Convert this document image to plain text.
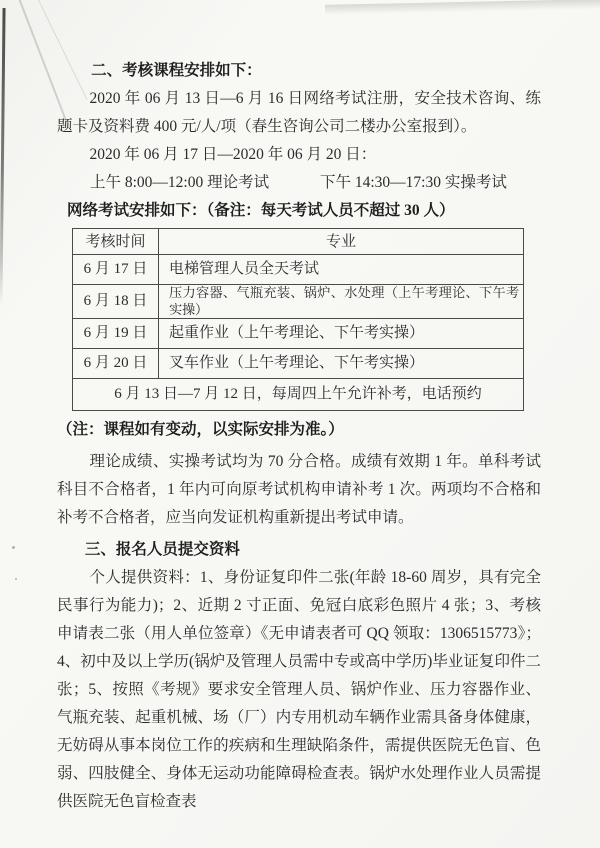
二、考核课程安排如下：

2020 年 06 月 13 日—6 月 16 日网络考试注册，安全技术咨询、练题卡及资料费 400 元/人/项（春生咨询公司二楼办公室报到）。

2020 年 06 月 17 日—2020 年 06 月 20 日：

上午 8:00—12:00 理论考试	下午 14:30—17:30 实操考试

网络考试安排如下：（备注：每天考试人员不超过 30 人）

考核时间	专业
6 月 17 日	电梯管理人员全天考试
6 月 18 日	压力容器、气瓶充装、锅炉、水处理（上午考理论、下午考实操）
6 月 19 日	起重作业（上午考理论、下午考实操）
6 月 20 日	叉车作业（上午考理论、下午考实操）
6 月 13 日—7 月 12 日，每周四上午允许补考，电话预约	

（注：课程如有变动，以实际安排为准。）

理论成绩、实操考试均为 70 分合格。成绩有效期 1 年。单科考试科目不合格者，1 年内可向原考试机构申请补考 1 次。两项均不合格和补考不合格者，应当向发证机构重新提出考试申请。

三、报名人员提交资料

个人提供资料：1、身份证复印件二张(年龄 18-60 周岁，具有完全民事行为能力)；2、近期 2 寸正面、免冠白底彩色照片 4 张；3、考核申请表二张（用人单位签章）《无申请表者可 QQ 领取：1306515773》；4、初中及以上学历(锅炉及管理人员需中专或高中学历)毕业证复印件二张；5、按照《考规》要求安全管理人员、锅炉作业、压力容器作业、气瓶充装、起重机械、场（厂）内专用机动车辆作业需具备身体健康，无妨碍从事本岗位工作的疾病和生理缺陷条件，需提供医院无色盲、色弱、四肢健全、身体无运动功能障碍检查表。锅炉水处理作业人员需提供医院无色盲检查表
